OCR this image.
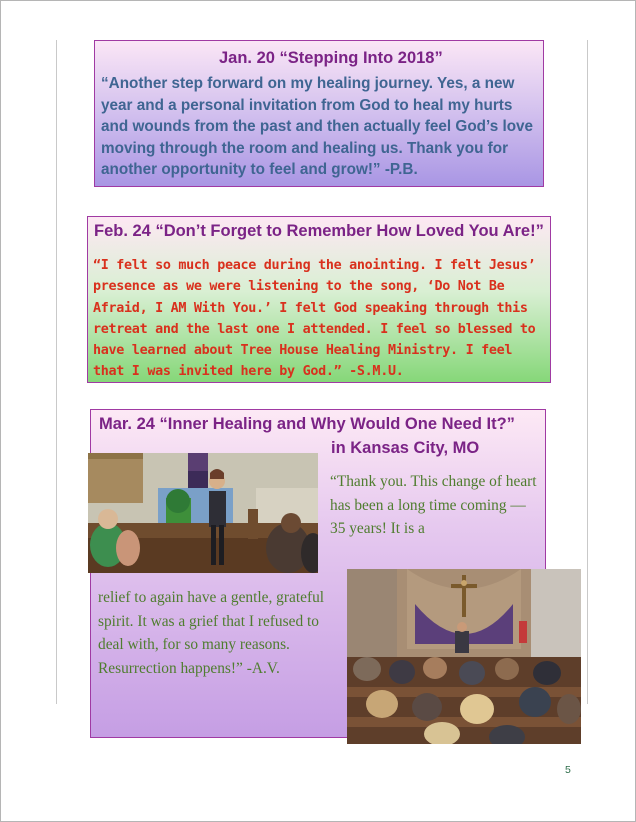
Jan. 20 “Stepping Into 2018”
“Another step forward on my healing journey. Yes, a new year and a personal invitation from God to heal my hurts and wounds from the past and then actually feel God’s love moving through the room and healing us. Thank you for another opportunity to feel and grow!” -P.B.
Feb. 24 “Don’t Forget to Remember How Loved You Are!”
“I felt so much peace during the anointing. I felt Jesus’ presence as we were listening to the song, ‘Do Not Be Afraid, I AM With You.’ I felt God speaking through this retreat and the last one I attended. I feel so blessed to have learned about Tree House Healing Ministry. I feel that I was invited here by God.” -S.M.U.
Mar. 24 “Inner Healing and Why Would One Need It?”
in Kansas City, MO
“Thank you. This change of heart has been a long time coming — 35 years! It is a
relief to again have a gentle, grateful spirit. It was a grief that I refused to deal with, for so many reasons. Resurrection happens!” -A.V.
5
